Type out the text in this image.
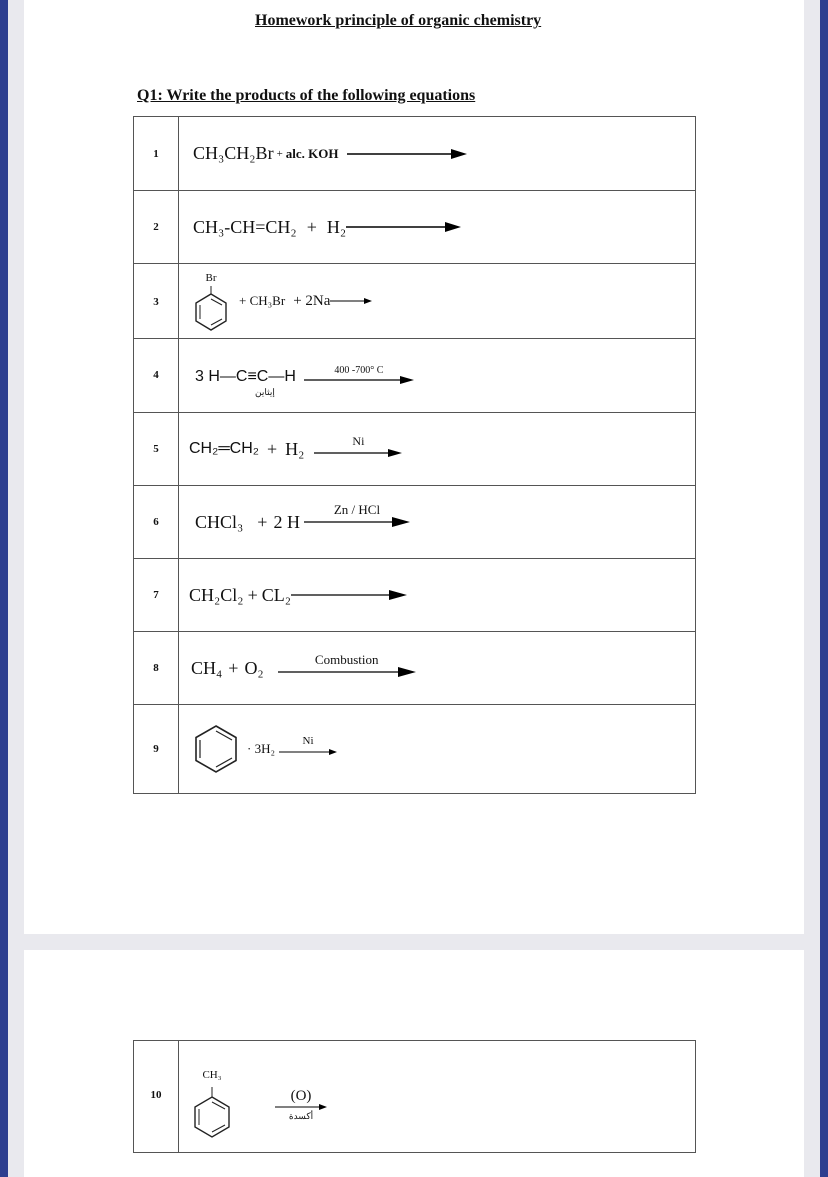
Homework principle of organic chemistry
Q1: Write the products of the following equations
1	CH₃CH₂Br + alc. KOH

2	CH₃-CH=CH₂ + H₂

3	Br
+ CH₃Br + 2Na →

4	3 H—C≡C—H
إيثاين
400 -700° C

5	CH₂═CH₂ + H₂ Ni

6	CHCl₃ + 2 H
Zn / HCl

7	CH₂Cl₂ + CL₂

8	CH₄ + O₂ Combustion

9	· 3H₂ Ni
10	
CH₃
(O)
أكسدة
